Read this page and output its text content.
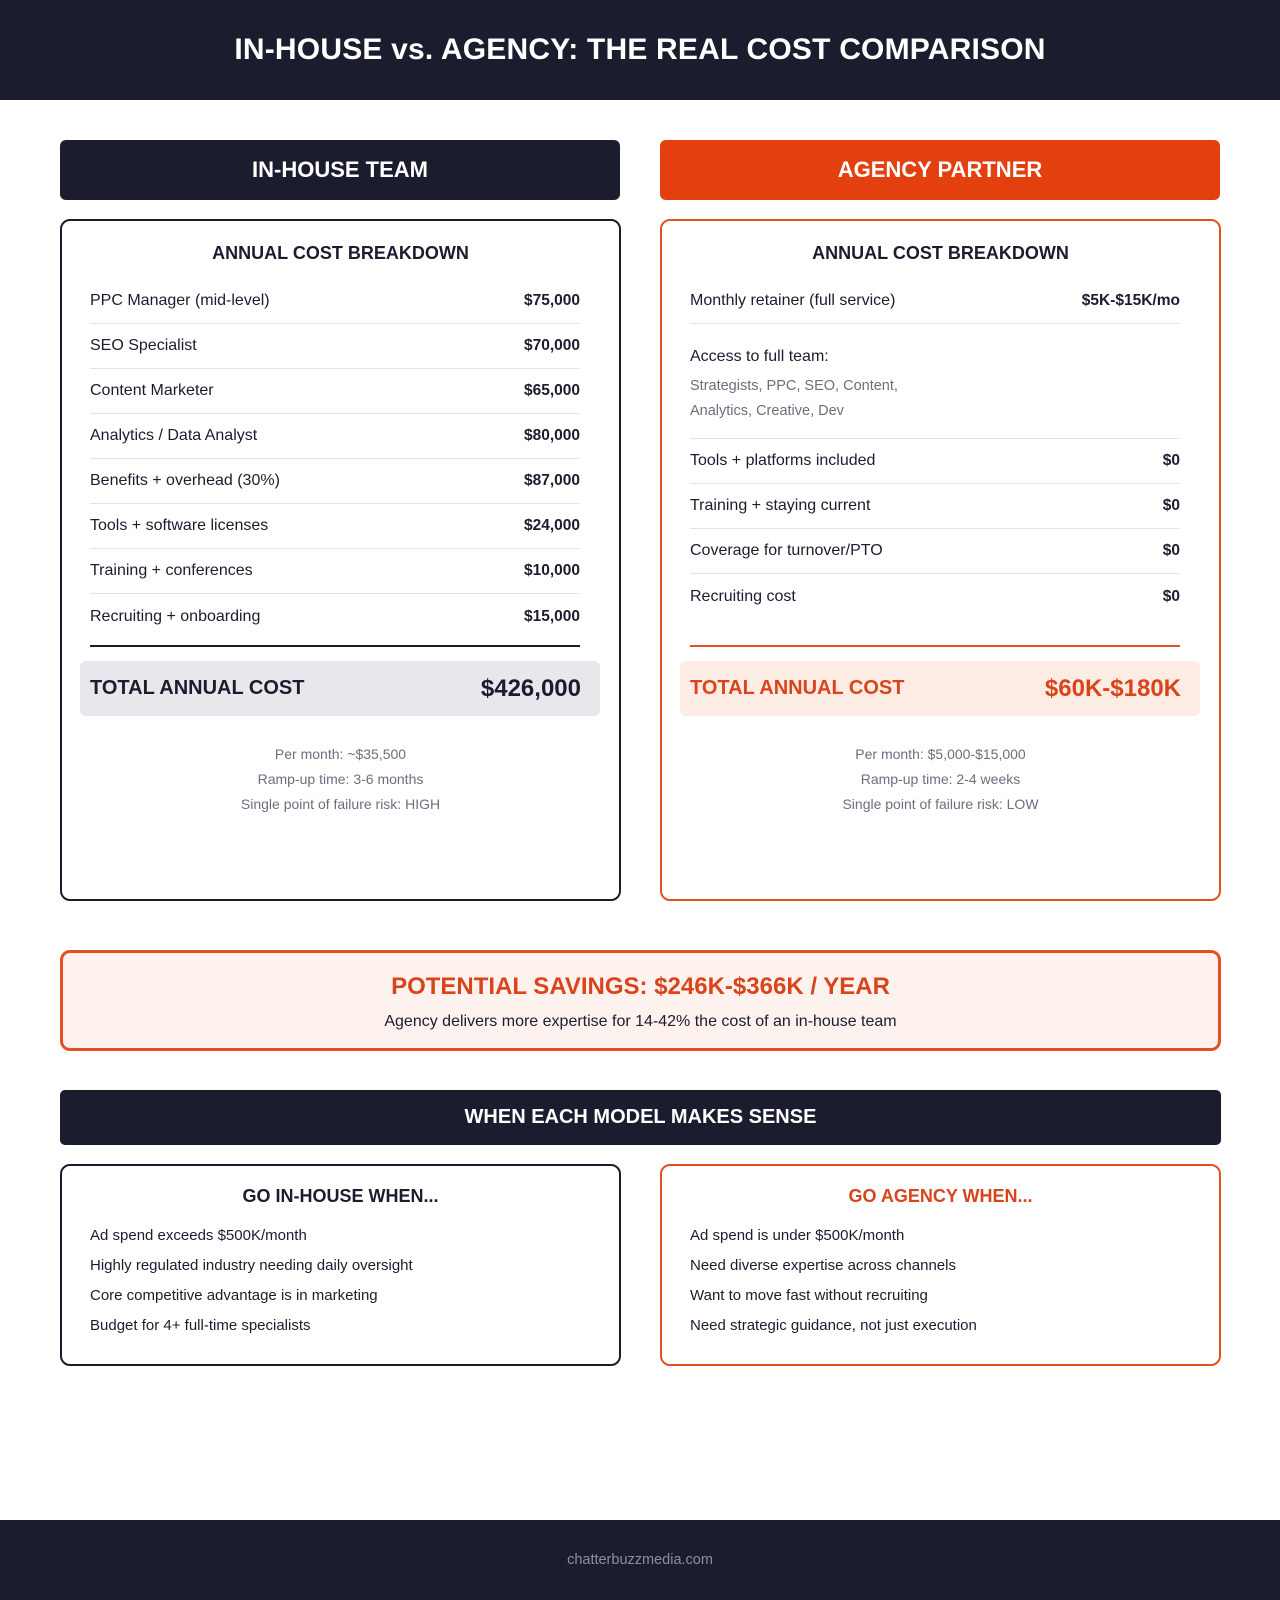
IN-HOUSE vs. AGENCY: THE REAL COST COMPARISON
IN-HOUSE TEAM	AGENCY PARTNER
ANNUAL COST BREAKDOWN
PPC Manager (mid-level)	$75,000
SEO Specialist	$70,000
Content Marketer	$65,000
Analytics / Data Analyst	$80,000
Benefits + overhead (30%)	$87,000
Tools + software licenses	$24,000
Training + conferences	$10,000
Recruiting + onboarding	$15,000
TOTAL ANNUAL COST	$426,000
Per month: ~$35,500
Ramp-up time: 3-6 months
Single point of failure risk: HIGH
ANNUAL COST BREAKDOWN
Monthly retainer (full service)	$5K-$15K/mo
Access to full team:
Strategists, PPC, SEO, Content, Analytics, Creative, Dev
Tools + platforms included	$0
Training + staying current	$0
Coverage for turnover/PTO	$0
Recruiting cost	$0
TOTAL ANNUAL COST	$60K-$180K
Per month: $5,000-$15,000
Ramp-up time: 2-4 weeks
Single point of failure risk: LOW
POTENTIAL SAVINGS: $246K-$366K / YEAR
Agency delivers more expertise for 14-42% the cost of an in-house team
WHEN EACH MODEL MAKES SENSE
GO IN-HOUSE WHEN...
Ad spend exceeds $500K/month
Highly regulated industry needing daily oversight
Core competitive advantage is in marketing
Budget for 4+ full-time specialists
GO AGENCY WHEN...
Ad spend is under $500K/month
Need diverse expertise across channels
Want to move fast without recruiting
Need strategic guidance, not just execution
chatterbuzzmedia.com
